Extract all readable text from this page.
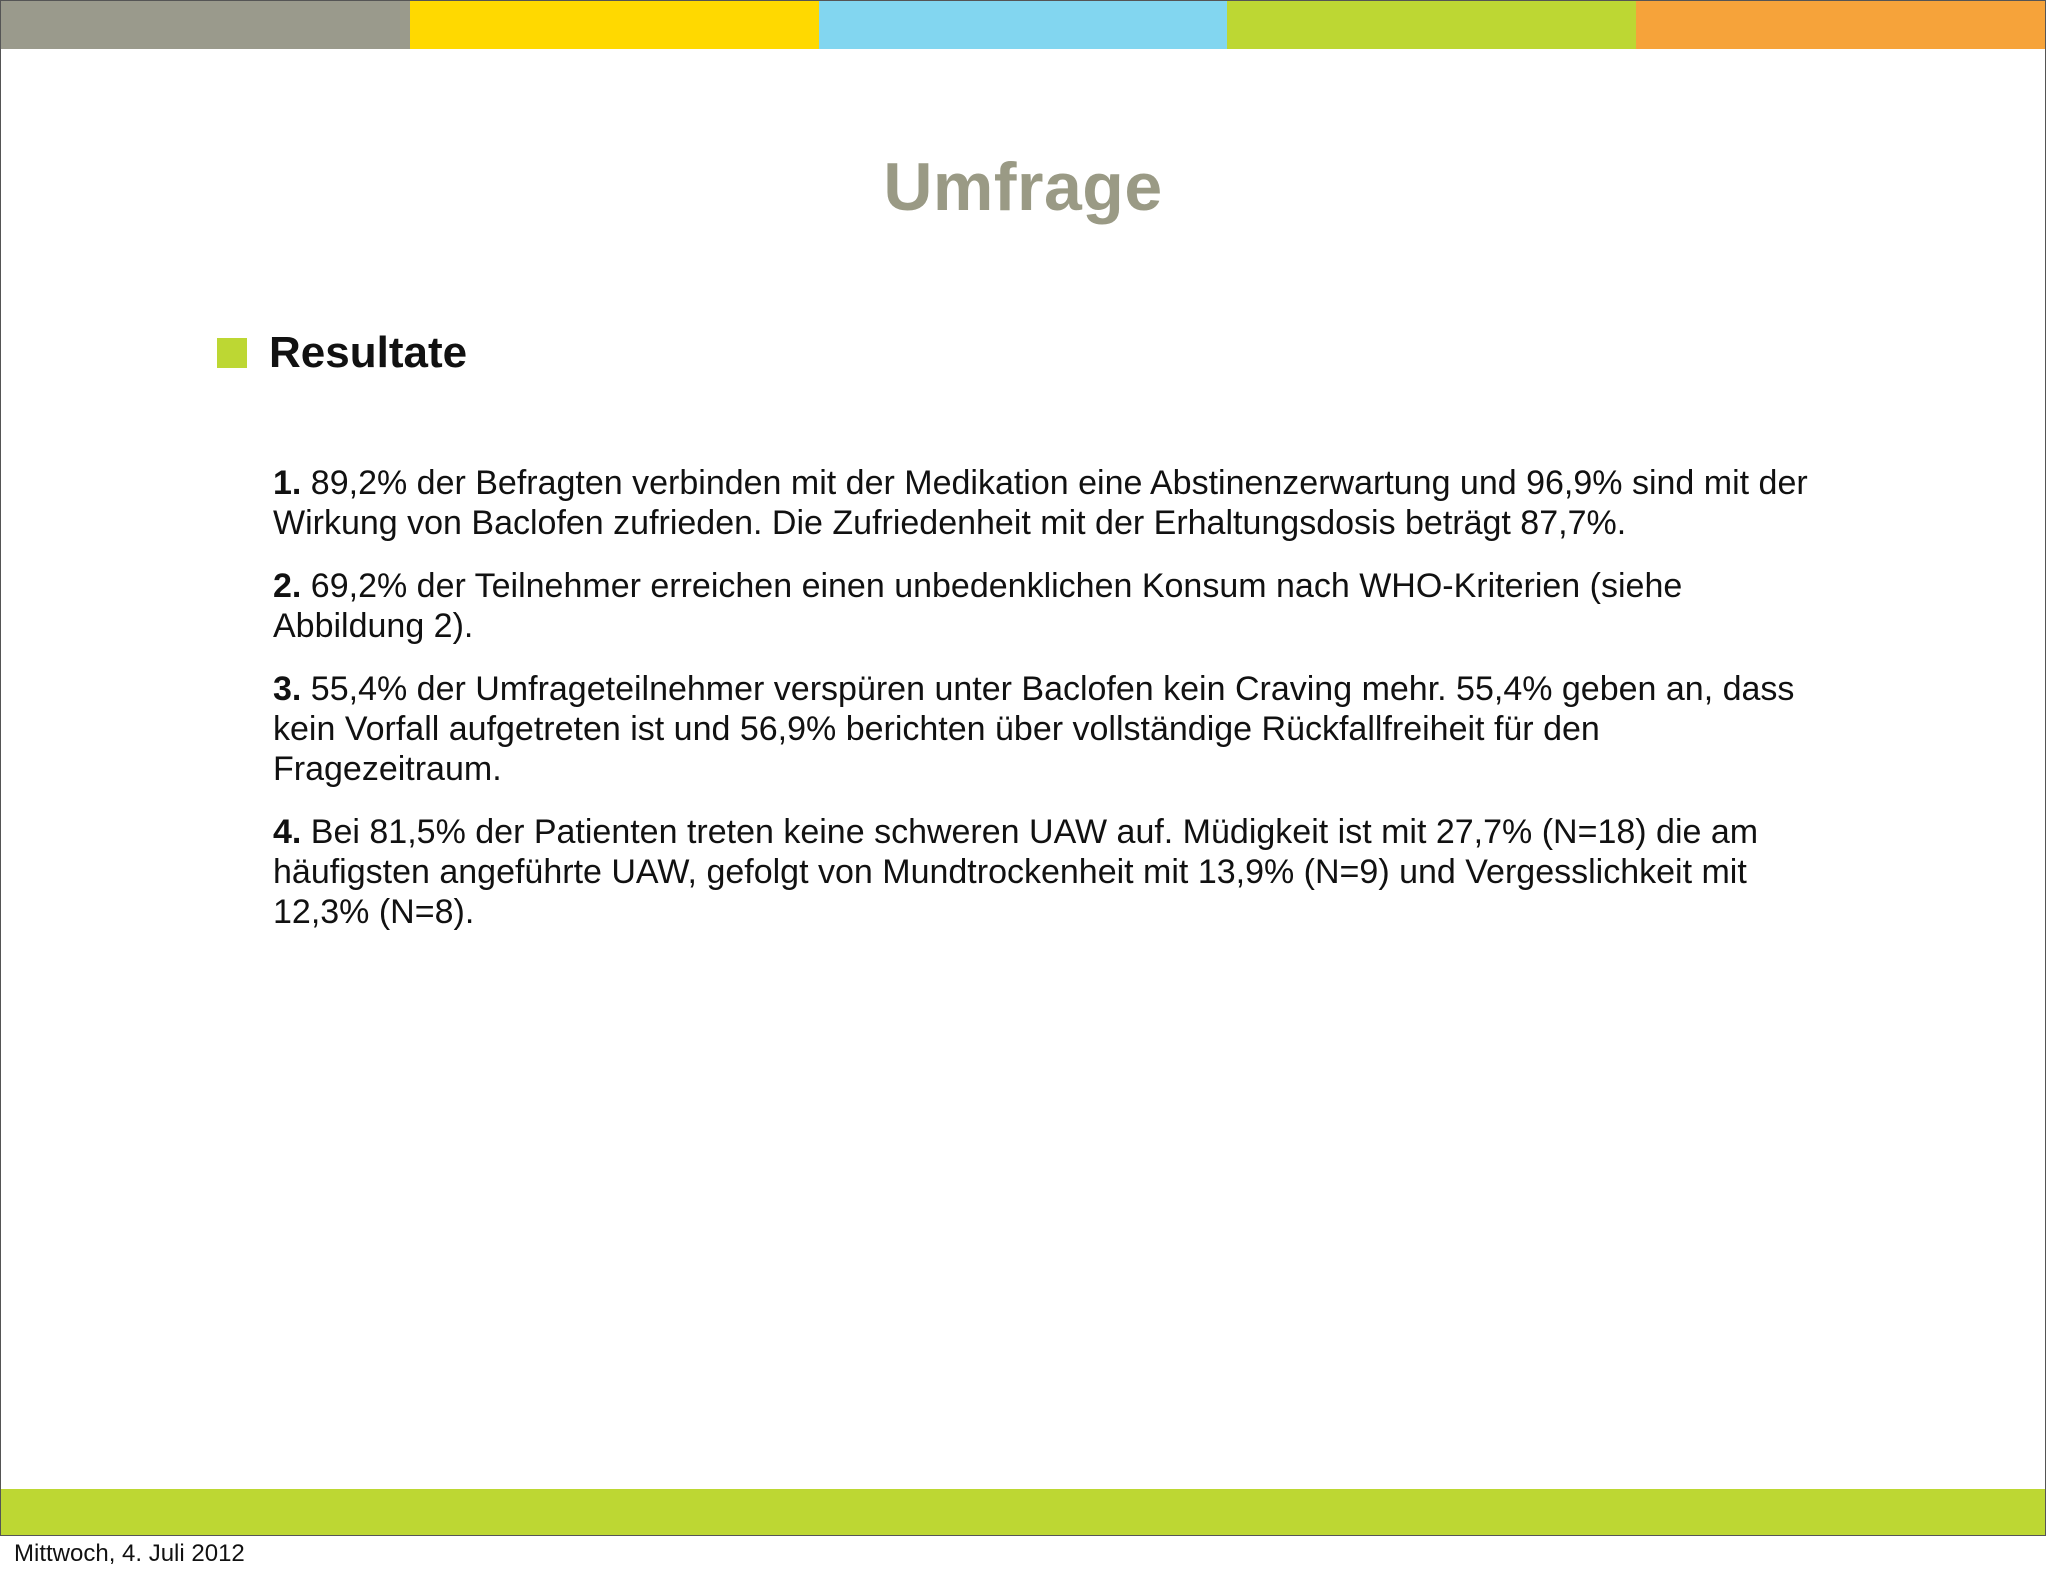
Umfrage
Resultate

1. 89,2% der Befragten verbinden mit der Medikation eine Abstinenzerwartung und 96,9% sind mit der Wirkung von Baclofen zufrieden. Die Zufriedenheit mit der Erhaltungsdosis beträgt 87,7%.

2. 69,2% der Teilnehmer erreichen einen unbedenklichen Konsum nach WHO-Kriterien (siehe Abbildung 2).

3. 55,4% der Umfrageteilnehmer verspüren unter Baclofen kein Craving mehr. 55,4% geben an, dass kein Vorfall aufgetreten ist und 56,9% berichten über vollständige Rückfallfreiheit für den Fragezeitraum.

4. Bei 81,5% der Patienten treten keine schweren UAW auf. Müdigkeit ist mit 27,7% (N=18) die am häufigsten angeführte UAW, gefolgt von Mundtrockenheit mit 13,9% (N=9) und Vergesslichkeit mit 12,3% (N=8).

Mittwoch, 4. Juli 2012
